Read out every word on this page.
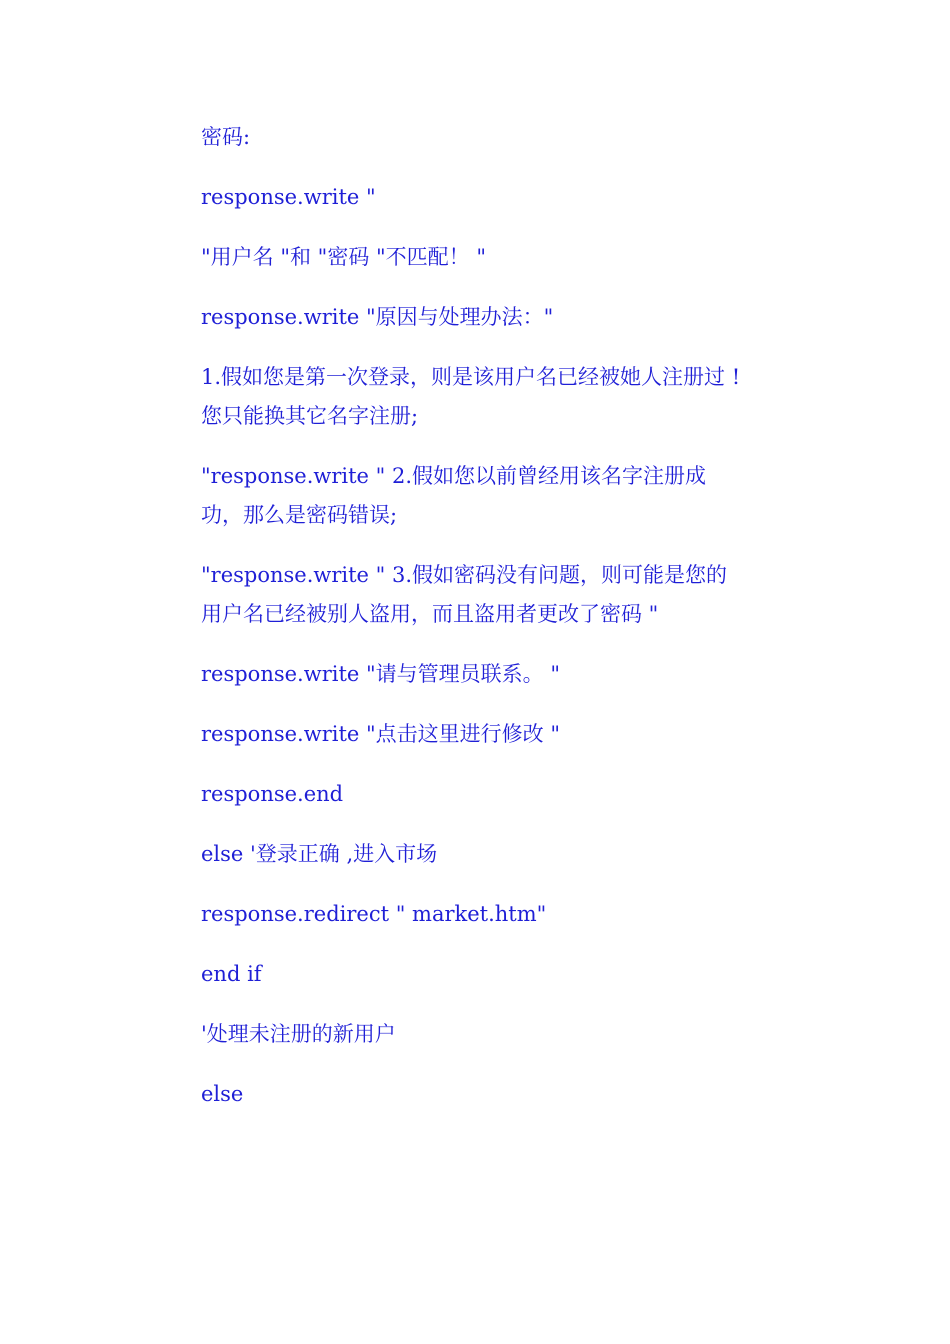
密码:

response.write "

"用户名 "和 "密码 "不匹配！ "

response.write "原因与处理办法："

1.假如您是第一次登录，则是该用户名已经被她人注册过 !您只能换其它名字注册;

"response.write " 2.假如您以前曾经用该名字注册成功，那么是密码错误;

"response.write " 3.假如密码没有问题，则可能是您的用户名已经被别人盗用，而且盗用者更改了密码 "

response.write "请与管理员联系。 "

response.write "点击这里进行修改 "

response.end

else '登录正确 ,进入市场

response.redirect " market.htm"

end if

'处理未注册的新用户

else
